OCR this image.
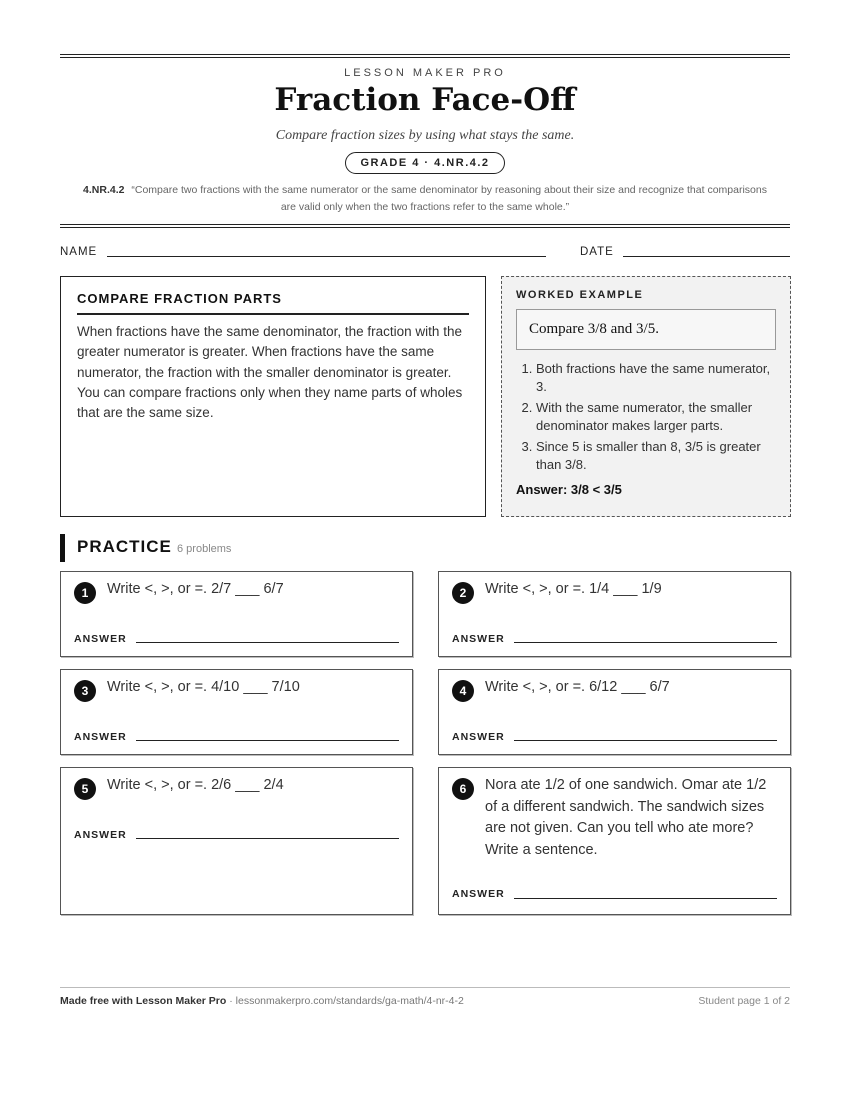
LESSON MAKER PRO
Fraction Face-Off
Compare fraction sizes by using what stays the same.
GRADE 4 · 4.NR.4.2
4.NR.4.2 “Compare two fractions with the same numerator or the same denominator by reasoning about their size and recognize that comparisons are valid only when the two fractions refer to the same whole.”
NAME	DATE
COMPARE FRACTION PARTS
When fractions have the same denominator, the fraction with the greater numerator is greater. When fractions have the same numerator, the fraction with the smaller denominator is greater. You can compare fractions only when they name parts of wholes that are the same size.
WORKED EXAMPLE
Compare 3/8 and 3/5.
1. Both fractions have the same numerator, 3.
2. With the same numerator, the smaller denominator makes larger parts.
3. Since 5 is smaller than 8, 3/5 is greater than 3/8.
Answer: 3/8 < 3/5
PRACTICE 6 problems
1	Write <, >, or =. 2/7 ___ 6/7
ANSWER
2	Write <, >, or =. 1/4 ___ 1/9
ANSWER
3	Write <, >, or =. 4/10 ___ 7/10
ANSWER
4	Write <, >, or =. 6/12 ___ 6/7
ANSWER
5	Write <, >, or =. 2/6 ___ 2/4
ANSWER
6	Nora ate 1/2 of one sandwich. Omar ate 1/2 of a different sandwich. The sandwich sizes are not given. Can you tell who ate more? Write a sentence.
ANSWER
Made free with Lesson Maker Pro · lessonmakerpro.com/standards/ga-math/4-nr-4-2	Student page 1 of 2
